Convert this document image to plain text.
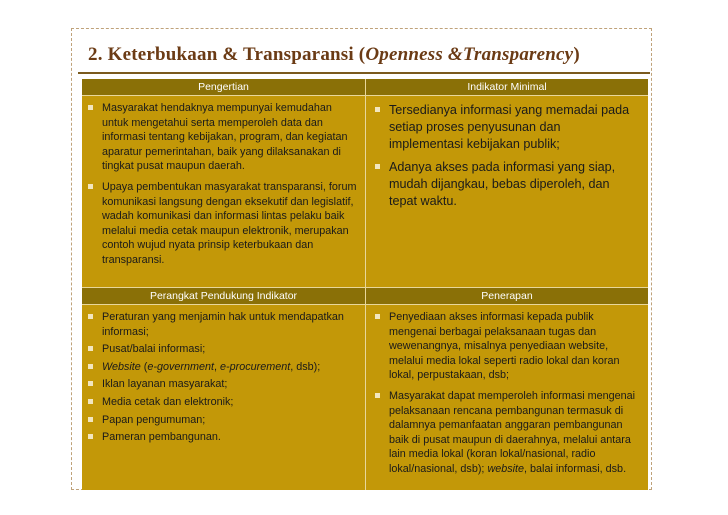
2. Keterbukaan & Transparansi (Openness &Transparency)
Pengertian	Indikator Minimal
Masyarakat hendaknya mempunyai kemudahan untuk mengetahui serta memperoleh data dan informasi tentang kebijakan, program, dan kegiatan aparatur pemerintahan, baik yang dilaksanakan di tingkat pusat maupun daerah.
Upaya pembentukan masyarakat transparansi, forum komunikasi langsung dengan eksekutif dan legislatif, wadah komunikasi dan informasi lintas pelaku baik melalui media cetak maupun elektronik, merupakan contoh wujud nyata prinsip keterbukaan dan transparansi.
Tersedianya informasi yang memadai pada setiap proses penyusunan dan implementasi kebijakan publik;
Adanya akses pada informasi yang siap, mudah dijangkau, bebas diperoleh, dan tepat waktu.
Perangkat Pendukung Indikator	Penerapan
Peraturan yang menjamin hak untuk mendapatkan informasi;
Pusat/balai informasi;
Website (e-government, e-procurement, dsb);
Iklan layanan masyarakat;
Media cetak dan elektronik;
Papan pengumuman;
Pameran pembangunan.
Penyediaan akses informasi kepada publik mengenai berbagai pelaksanaan tugas dan wewenangnya, misalnya penyediaan website, melalui media lokal seperti radio lokal dan koran lokal, perpustakaan, dsb;
Masyarakat dapat memperoleh informasi mengenai pelaksanaan rencana pembangunan termasuk di dalamnya pemanfaatan anggaran pembangunan baik di pusat maupun di daerahnya, melalui antara lain media lokal (koran lokal/nasional, radio lokal/nasional, dsb); website, balai informasi, dsb.
